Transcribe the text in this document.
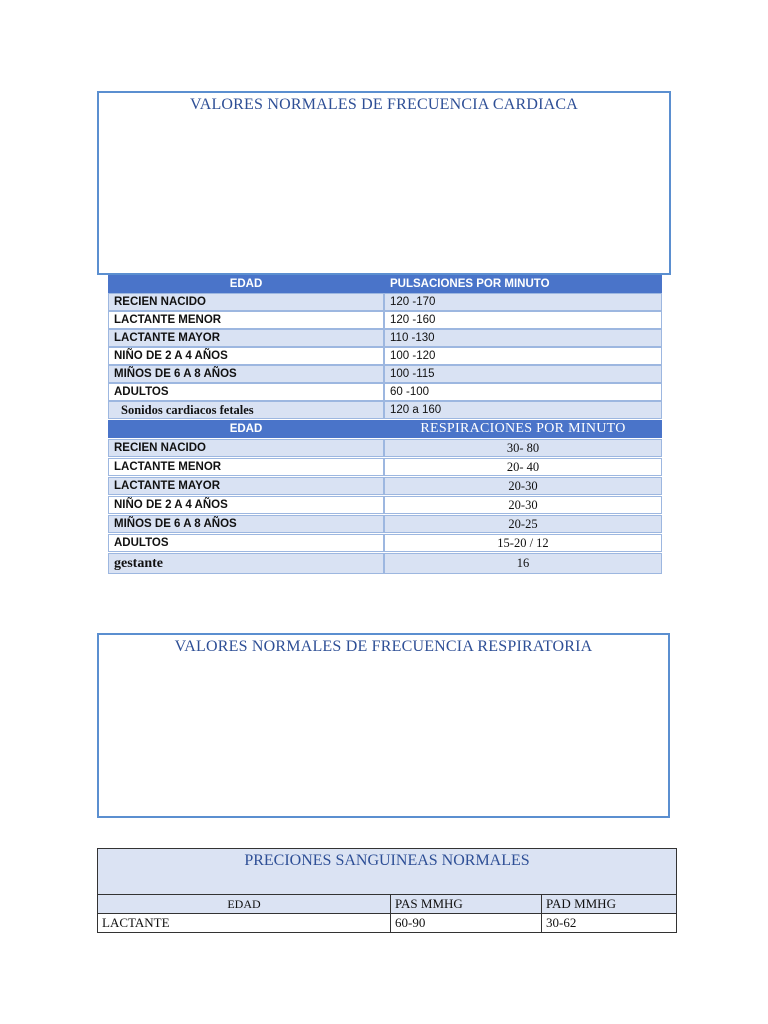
VALORES NORMALES DE FRECUENCIA CARDIACA
EDAD	PULSACIONES POR MINUTO
RECIEN NACIDO	120 -170
LACTANTE MENOR	120 -160
LACTANTE MAYOR	110 -130
NIÑO DE 2 A 4 AÑOS	100 -120
MIÑOS DE 6 A 8 AÑOS	100 -115
ADULTOS	60 -100
Sonidos cardiacos fetales	120 a 160
EDAD	RESPIRACIONES POR MINUTO
RECIEN NACIDO	30- 80
LACTANTE MENOR	20- 40
LACTANTE MAYOR	20-30
NIÑO DE 2 A 4 AÑOS	20-30
MIÑOS DE 6 A 8 AÑOS	20-25
ADULTOS	15-20 / 12
gestante	16
VALORES NORMALES DE FRECUENCIA RESPIRATORIA
PRECIONES SANGUINEAS NORMALES
EDAD	PAS MMHG	PAD MMHG
LACTANTE	60-90	30-62
